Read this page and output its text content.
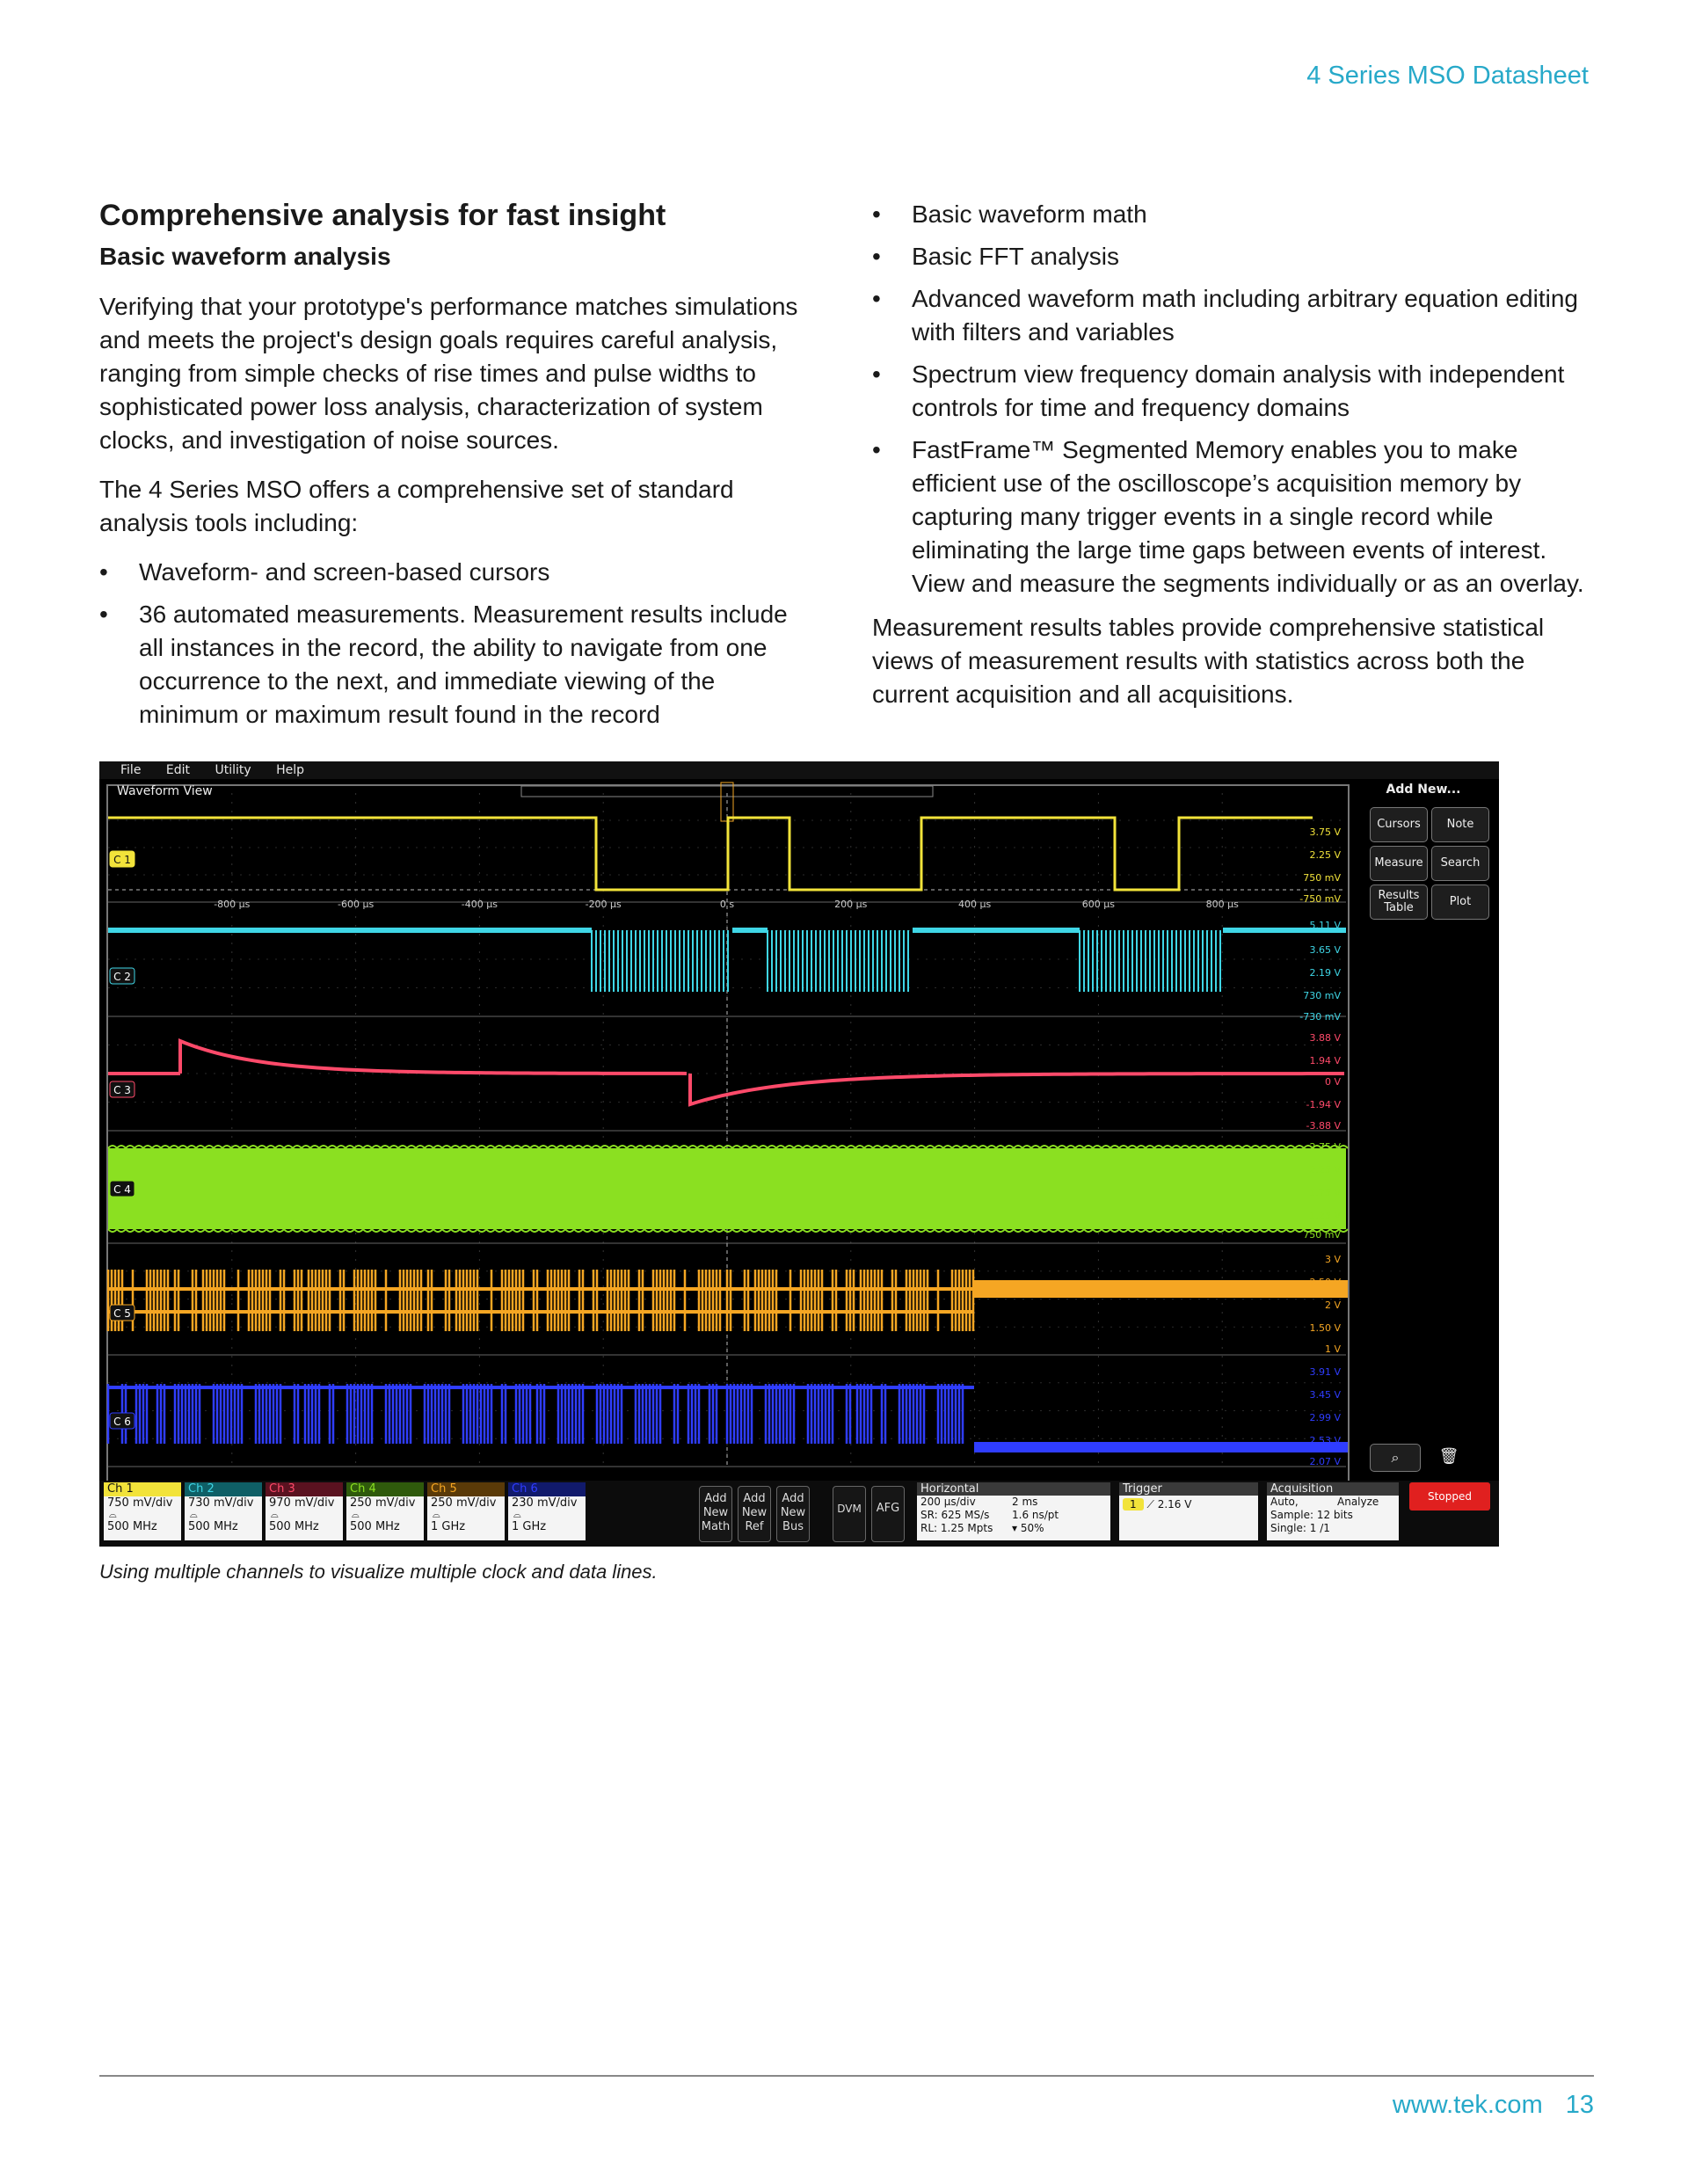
4 Series MSO Datasheet
Comprehensive analysis for fast insight
Basic waveform analysis

Verifying that your prototype's performance matches simulations and meets the project's design goals requires careful analysis, ranging from simple checks of rise times and pulse widths to sophisticated power loss analysis, characterization of system clocks, and investigation of noise sources.

The 4 Series MSO offers a comprehensive set of standard analysis tools including:

• Waveform- and screen-based cursors
• 36 automated measurements. Measurement results include all instances in the record, the ability to navigate from one occurrence to the next, and immediate viewing of the minimum or maximum result found in the record
• Basic waveform math
• Basic FFT analysis
• Advanced waveform math including arbitrary equation editing with filters and variables
• Spectrum view frequency domain analysis with independent controls for time and frequency domains
• FastFrame™ Segmented Memory enables you to make efficient use of the oscilloscope’s acquisition memory by capturing many trigger events in a single record while eliminating the large time gaps between events of interest. View and measure the segments individually or as an overlay.

Measurement results tables provide comprehensive statistical views of measurement results with statistics across both the current acquisition and all acquisitions.

File Edit Utility Help
Waveform View
C 1
C 2
C 3
C 4
C 5
C 6
-800 µs	-600 µs	-400 µs	-200 µs	0 s	200 µs	400 µs	600 µs	800 µs
3.75 V
2.25 V
750 mV
-750 mV
5.11 V
3.65 V
2.19 V
730 mV
-730 mV
3.88 V
1.94 V
0 V
-1.94 V
-3.88 V
2.75 V
2.25 V
1.75 V
1.25 V
750 mV
3 V
2.50 V
2 V
1.50 V
1 V
3.91 V
3.45 V
2.99 V
2.53 V
2.07 V
Add New...
Cursors	Note
Measure	Search
Results Table	Plot
⌕	🗑
Ch 1
750 mV/div
⌓
500 MHz
Ch 2
730 mV/div
⌓
500 MHz
Ch 3
970 mV/div
⌓
500 MHz
Ch 4
250 mV/div
⌓
500 MHz
Ch 5
250 mV/div
⌓
1 GHz
Ch 6
230 mV/div
⌓
1 GHz
Add
New
Math
Add
New
Ref
Add
New
Bus
DVM	AFG
Horizontal
200 µs/div	2 ms
SR: 625 MS/s 1.6 ns/pt
RL: 1.25 Mpts ▾ 50%
Trigger
1 ⟋ 2.16 V
Acquisition
Auto,	Analyze
Sample: 12 bits
Single: 1 /1
Stopped
Using multiple channels to visualize multiple clock and data lines.
www.tek.com 13
